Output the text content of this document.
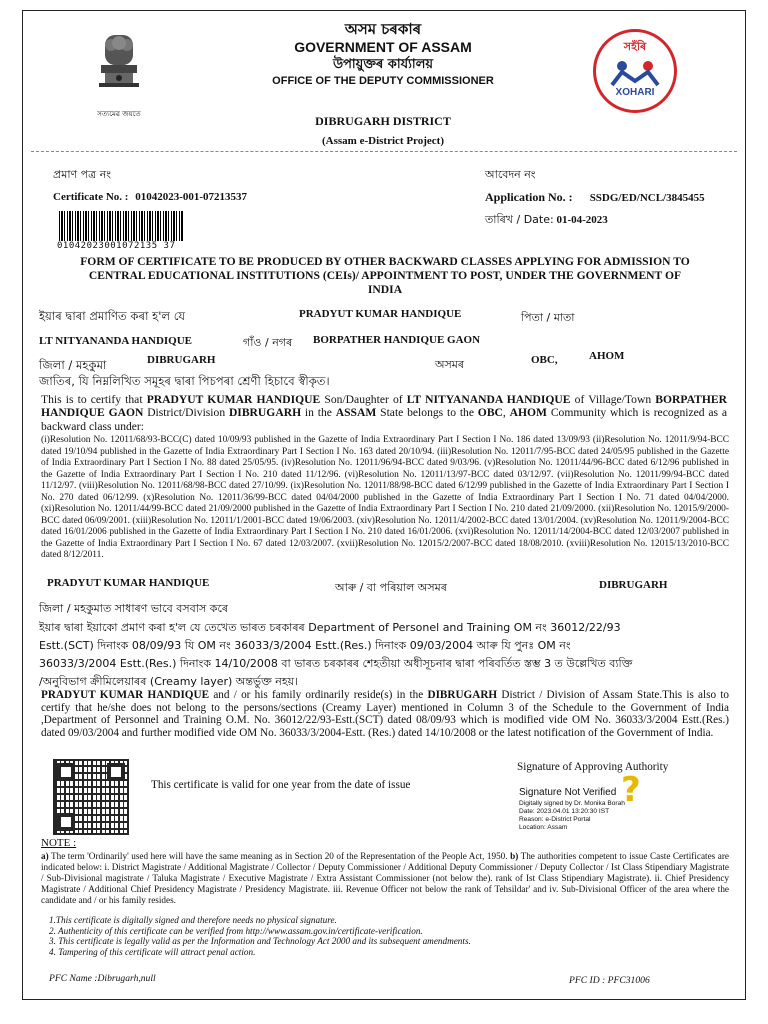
সত্যমেৱ জয়তে
অসম চৰকাৰ
GOVERNMENT OF ASSAM
উপায়ুক্তৰ কাৰ্য্যালয়
OFFICE OF THE DEPUTY COMMISSIONER
সহঁৰি
XOHARI
DIBRUGARH DISTRICT
(Assam e-District Project)
প্ৰমাণ পত্ৰ নং
Certificate No. : 01042023-001-07213537
আবেদন নং
Application No. : SSDG/ED/NCL/3845455
তাৰিখ / Date: 01-04-2023
01042023001072135 37
FORM OF CERTIFICATE TO BE PRODUCED BY OTHER BACKWARD CLASSES APPLYING FOR ADMISSION TO CENTRAL EDUCATIONAL INSTITUTIONS (CEIs)/ APPOINTMENT TO POST, UNDER THE GOVERNMENT OF INDIA
ইয়াৰ দ্বাৰা প্ৰমাণিত কৰা হ'ল যে	PRADYUT KUMAR HANDIQUE	পিতা / মাতা
LT NITYANANDA HANDIQUE	গাঁও / নগৰ BORPATHER HANDIQUE GAON
জিলা / মহকুমা	DIBRUGARH	অসমৰ	OBC,	AHOM
জাতিৰ, যি নিম্নলিখিত সমূহৰ দ্বাৰা পিচপৰা শ্ৰেণী হিচাবে স্বীকৃত।
This is to certify that PRADYUT KUMAR HANDIQUE Son/Daughter of LT NITYANANDA HANDIQUE of Village/Town BORPATHER HANDIQUE GAON District/Division DIBRUGARH in the ASSAM State belongs to the OBC, AHOM Community which is recognized as a backward class under:
(i)Resolution No. 12011/68/93-BCC(C) dated 10/09/93 published in the Gazette of India Extraordinary Part I Section I No. 186 dated 13/09/93 (ii)Resolution No. 12011/9/94-BCC dated 19/10/94 published in the Gazette of India Extraordinary Part I Section I No. 163 dated 20/10/94. (iii)Resolution No. 12011/7/95-BCC dated 24/05/95 published in the Gazette of India Extraordinary Part I Section I No. 88 dated 25/05/95. (iv)Resolution No. 12011/96/94-BCC dated 9/03/96. (v)Resolution No. 12011/44/96-BCC dated 6/12/96 published in the Gazette of India Extraordinary Part I Section I No. 210 dated 11/12/96. (vi)Resolution No. 12011/13/97-BCC dated 03/12/97. (vii)Resolution No. 12011/99/94-BCC dated 11/12/97. (viii)Resolution No. 12011/68/98-BCC dated 27/10/99. (ix)Resolution No. 12011/88/98-BCC dated 6/12/99 published in the Gazette of India Extraordinary Part I Section I No. 270 dated 06/12/99. (x)Resolution No. 12011/36/99-BCC dated 04/04/2000 published in the Gazette of India Extraordinary Part I Section I No. 71 dated 04/04/2000. (xi)Resolution No. 12011/44/99-BCC dated 21/09/2000 published in the Gazette of India Extraordinary Part I Section I No. 210 dated 21/09/2000. (xii)Resolution No. 12015/9/2000-BCC dated 06/09/2001. (xiii)Resolution No. 12011/1/2001-BCC dated 19/06/2003. (xiv)Resolution No. 12011/4/2002-BCC dated 13/01/2004. (xv)Resolution No. 12011/9/2004-BCC dated 16/01/2006 published in the Gazette of India Extraordinary Part I Section I No. 210 dated 16/01/2006. (xvi)Resolution No. 12011/14/2004-BCC dated 12/03/2007 published in the Gazette of India Extraordinary Part I Section I No. 67 dated 12/03/2007. (xvii)Resolution No. 12015/2/2007-BCC dated 18/08/2010. (xviii)Resolution No. 12015/13/2010-BCC dated 8/12/2011.
PRADYUT KUMAR HANDIQUE	আৰু / বা পৰিয়াল অসমৰ	DIBRUGARH
জিলা / মহকুমাত সাধাৰণ ভাবে বসবাস কৰে
ইয়াৰ দ্বাৰা ইয়াকো প্ৰমাণ কৰা হ'ল যে তেখেত ভাৰত চৰকাৰৰ Department of Personel and Training OM নং 36012/22/93
Estt.(SCT) দিনাংক 08/09/93 যি OM নং 36033/3/2004 Estt.(Res.) দিনাংক 09/03/2004 আৰু যি পুনঃ OM নং
36033/3/2004 Estt.(Res.) দিনাংক 14/10/2008 বা ভাৰত চৰকাৰৰ শেহতীয়া অধীসূচনাৰ দ্বাৰা পৰিবৰ্তিত স্তম্ভ 3 ত উল্লেখিত ব্যক্তি
/অনুবিভাগ ক্ৰীমিলেয়াৰৰ (Creamy layer) অন্তৰ্ভুক্ত নহয়।
PRADYUT KUMAR HANDIQUE and / or his family ordinarily reside(s) in the DIBRUGARH District / Division of Assam State.This is also to certify that he/she does not belong to the persons/sections (Creamy Layer) mentioned in Column 3 of the Schedule to the Government of India ,Department of Personnel and Training O.M. No. 36012/22/93-Estt.(SCT) dated 08/09/93 which is modified vide OM No. 36033/3/2004 Estt.(Res.) dated 09/03/2004 and further modified vide OM No. 36033/3/2004-Estt. (Res.) dated 14/10/2008 or the latest notification of the Government of India.
This certificate is valid for one year from the date of issue
Signature of Approving Authority
Signature Not Verified
Digitally signed by Dr. Monika Borah
Date: 2023.04.01 13:20:30 IST
Reason: e-District Portal
Location: Assam
?
NOTE :
a) The term 'Ordinarily' used here will have the same meaning as in Section 20 of the Representation of the People Act, 1950. b) The authorities competent to issue Caste Certificates are indicated below: i. District Magistrate / Additional Magistrate / Collector / Deputy Commissioner / Additional Deputy Commissioner / Deputy Collector / Ist Class Stipendiary Magistrate / Sub-Divisional magistrate / Taluka Magistrate / Executive Magistrate / Extra Assistant Commissioner (not below the). rank of Ist Class Stipendiary Magistrate). ii. Chief Presidency Magistrate / Additional Chief Presidency Magistrate / Presidency Magistrate. iii. Revenue Officer not below the rank of Tehsildar' and iv. Sub-Divisional Officer of the area where the candidate and / or his family resides.
1.This certificate is digitally signed and therefore needs no physical signature.
2. Authenticity of this certificate can be verified from http://www.assam.gov.in/certificate-verification.
3. This certificate is legally valid as per the Information and Technology Act 2000 and its subsequent amendments.
4. Tampering of this certificate will attract penal action.
PFC Name :Dibrugarh,null	PFC ID : PFC31006
